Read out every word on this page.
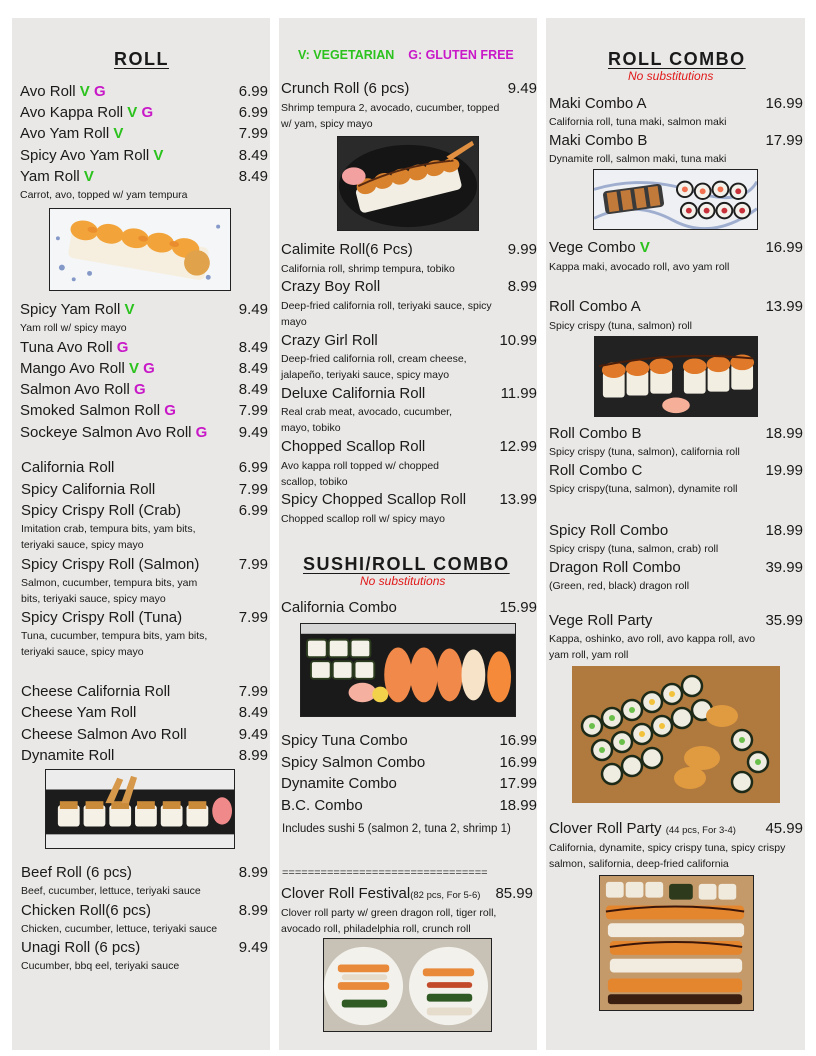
ROLL
Avo Roll V G	6.99
Avo Kappa Roll V G	6.99
Avo Yam Roll V	7.99
Spicy Avo Yam Roll V	8.49
Yam Roll V	8.49
Carrot, avo, topped w/ yam tempura
Spicy Yam Roll V	9.49
Yam roll w/ spicy mayo
Tuna Avo Roll G	8.49
Mango Avo Roll V G	8.49
Salmon Avo Roll G	8.49
Smoked Salmon Roll G	7.99
Sockeye Salmon Avo Roll G 9.49
California Roll	6.99
Spicy California Roll	7.99
Spicy Crispy Roll (Crab)	6.99
Imitation crab, tempura bits, yam bits, teriyaki sauce, spicy mayo
Spicy Crispy Roll (Salmon)	7.99
Salmon, cucumber, tempura bits, yam bits, teriyaki sauce, spicy mayo
Spicy Crispy Roll (Tuna)	7.99
Tuna, cucumber, tempura bits, yam bits, teriyaki sauce, spicy mayo
Cheese California Roll	7.99
Cheese Yam Roll	8.49
Cheese Salmon Avo Roll	9.49
Dynamite Roll	8.99
Beef Roll (6 pcs)	8.99
Beef, cucumber, lettuce, teriyaki sauce
Chicken Roll(6 pcs)	8.99
Chicken, cucumber, lettuce, teriyaki sauce
Unagi Roll (6 pcs)	9.49
Cucumber, bbq eel, teriyaki sauce
V: VEGETARIAN G: GLUTEN FREE
Crunch Roll (6 pcs)	9.49
Shrimp tempura 2, avocado, cucumber, topped w/ yam, spicy mayo
Calimite Roll(6 Pcs)	9.99
California roll, shrimp tempura, tobiko
Crazy Boy Roll	8.99
Deep-fried california roll, teriyaki sauce, spicy mayo
Crazy Girl Roll	10.99
Deep-fried california roll, cream cheese, jalapeño, teriyaki sauce, spicy mayo
Deluxe California Roll	11.99
Real crab meat, avocado, cucumber, mayo, tobiko
Chopped Scallop Roll	12.99
Avo kappa roll topped w/ chopped scallop, tobiko
Spicy Chopped Scallop Roll 13.99
Chopped scallop roll w/ spicy mayo
SUSHI/ROLL COMBO
No substitutions
California Combo	15.99
Spicy Tuna Combo	16.99
Spicy Salmon Combo	16.99
Dynamite Combo	17.99
B.C. Combo	18.99
Includes sushi 5 (salmon 2, tuna 2, shrimp 1)
================================
Clover Roll Festival(82 pcs, For 5-6) 85.99
Clover roll party w/ green dragon roll, tiger roll, avocado roll, philadelphia roll, crunch roll
ROLL COMBO
No substitutions
Maki Combo A	16.99
California roll, tuna maki, salmon maki
Maki Combo B	17.99
Dynamite roll, salmon maki, tuna maki
Vege Combo V	16.99
Kappa maki, avocado roll, avo yam roll
Roll Combo A	13.99
Spicy crispy (tuna, salmon) roll
Roll Combo B	18.99
Spicy crispy (tuna, salmon), california roll
Roll Combo C	19.99
Spicy crispy(tuna, salmon), dynamite roll
Spicy Roll Combo	18.99
Spicy crispy (tuna, salmon, crab) roll
Dragon Roll Combo	39.99
(Green, red, black) dragon roll
Vege Roll Party	35.99
Kappa, oshinko, avo roll, avo kappa roll, avo yam roll, yam roll
Clover Roll Party (44 pcs, For 3-4) 45.99
California, dynamite, spicy crispy tuna, spicy crispy salmon, salifornia, deep-fried california
